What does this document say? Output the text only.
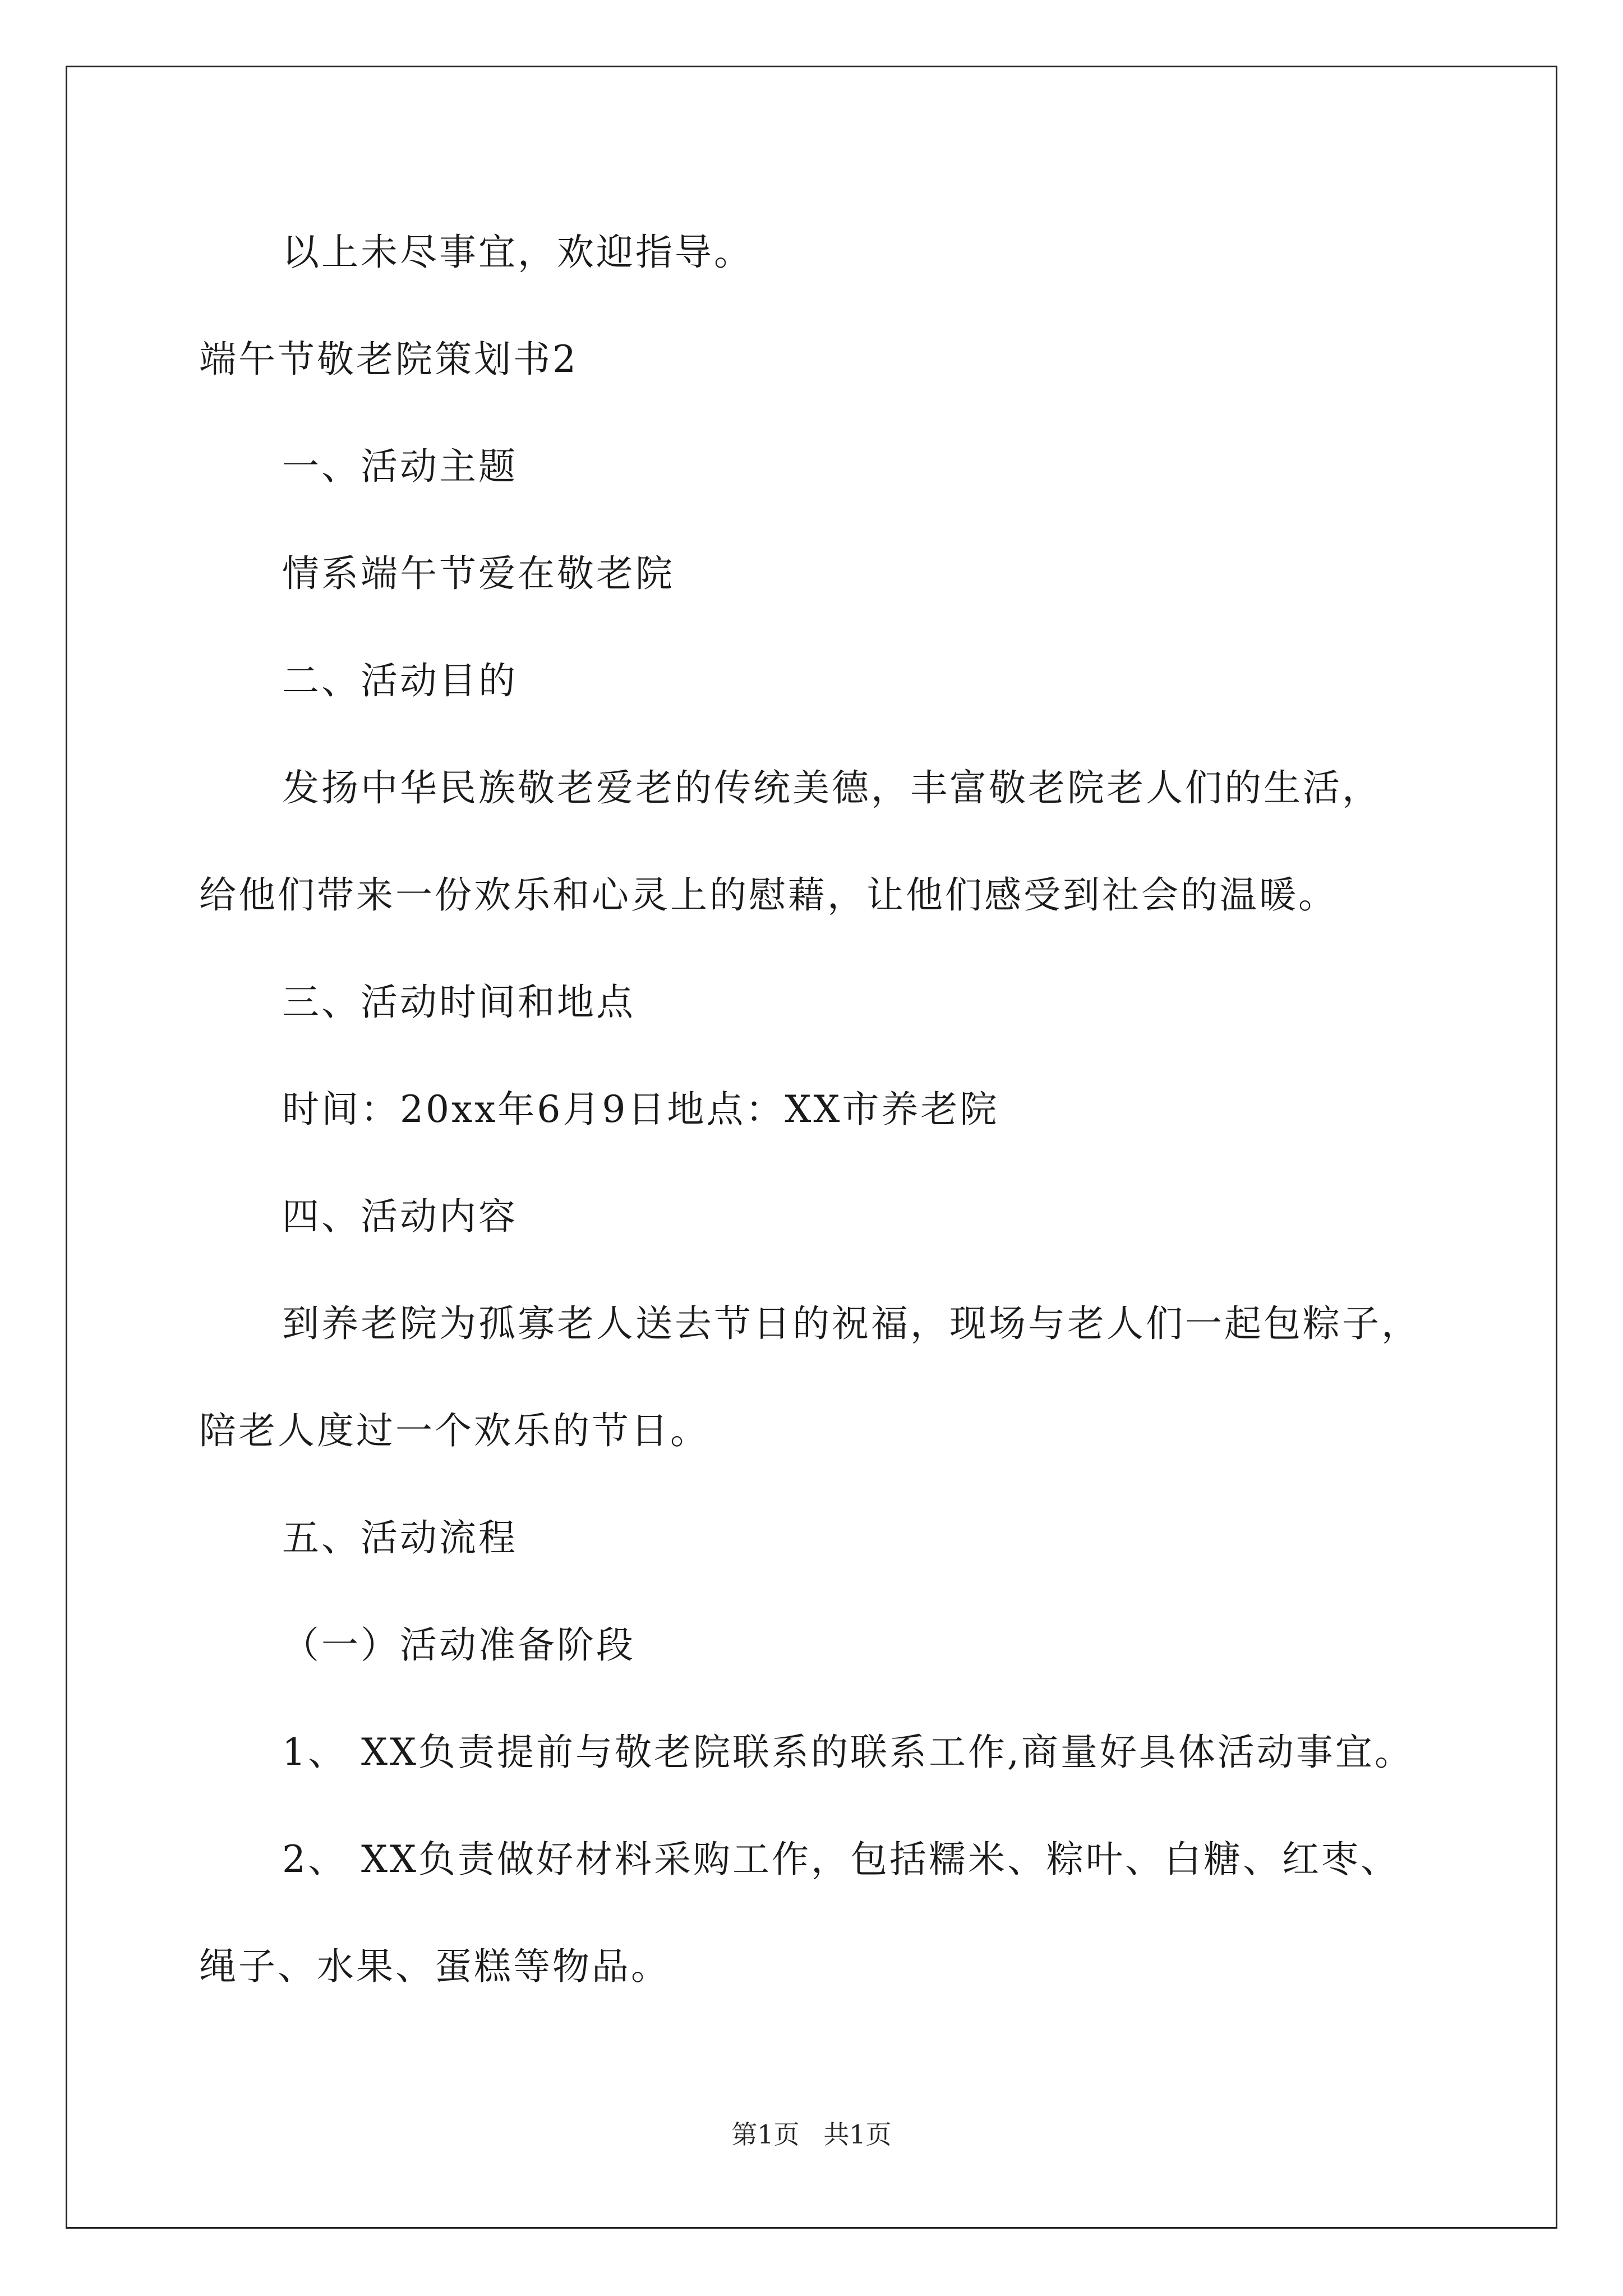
以上未尽事宜，欢迎指导。
端午节敬老院策划书2
一、活动主题
情系端午节爱在敬老院
二、活动目的
发扬中华民族敬老爱老的传统美德，丰富敬老院老人们的生活，
给他们带来一份欢乐和心灵上的慰藉，让他们感受到社会的温暖。
三、活动时间和地点
时间：20xx年6月9日地点：XX市养老院
四、活动内容
到养老院为孤寡老人送去节日的祝福，现场与老人们一起包粽子，
陪老人度过一个欢乐的节日。
五、活动流程
（一）活动准备阶段
1、 XX负责提前与敬老院联系的联系工作,商量好具体活动事宜。
2、 XX负责做好材料采购工作，包括糯米、粽叶、白糖、红枣、
绳子、水果、蛋糕等物品。
第1页 共1页
